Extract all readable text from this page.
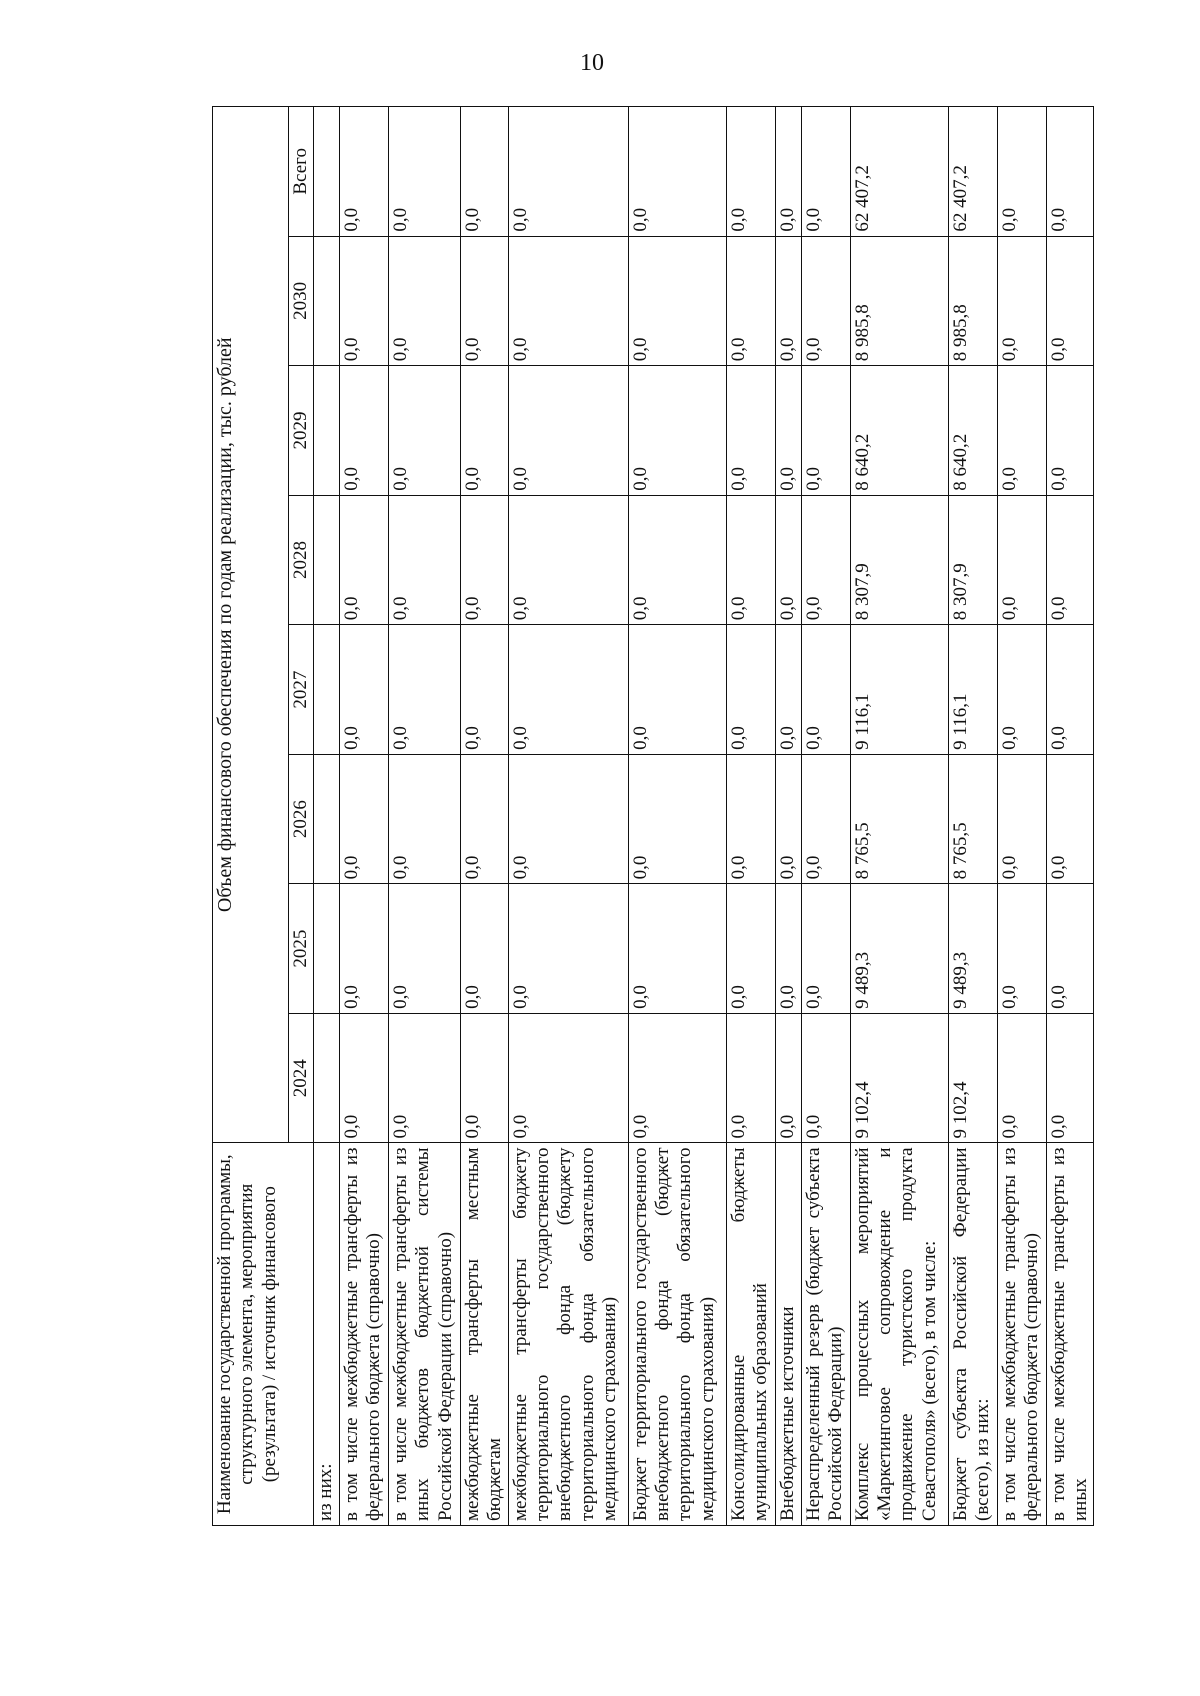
10
Наименование государственной программы, структурного элемента, мероприятия (результата) / источник финансового	Объем финансового обеспечения по годам реализации, тыс. рублей							
	2024	2025	2026	2027	2028	2029	2030	Всего
из них:								
в том числе межбюджетные трансферты из федерального бюджета (справочно)	0,0	0,0	0,0	0,0	0,0	0,0	0,0	0,0
в том числе межбюджетные трансферты из иных бюджетов бюджетной системы Российской Федерации (справочно)	0,0	0,0	0,0	0,0	0,0	0,0	0,0	0,0
межбюджетные трансферты местным бюджетам	0,0	0,0	0,0	0,0	0,0	0,0	0,0	0,0
межбюджетные трансферты бюджету территориального государственного внебюджетного фонда (бюджету территориального фонда обязательного медицинского страхования)	0,0	0,0	0,0	0,0	0,0	0,0	0,0	0,0
Бюджет территориального государственного внебюджетного фонда (бюджет территориального фонда обязательного медицинского страхования)	0,0	0,0	0,0	0,0	0,0	0,0	0,0	0,0
Консолидированные бюджеты муниципальных образований	0,0	0,0	0,0	0,0	0,0	0,0	0,0	0,0
Внебюджетные источники	0,0	0,0	0,0	0,0	0,0	0,0	0,0	0,0
Нераспределенный резерв (бюджет субъекта Российской Федерации)	0,0	0,0	0,0	0,0	0,0	0,0	0,0	0,0
Комплекс процессных мероприятий «Маркетинговое сопровождение и продвижение туристского продукта Севастополя» (всего), в том числе:	9 102,4	9 489,3	8 765,5	9 116,1	8 307,9	8 640,2	8 985,8	62 407,2
Бюджет субъекта Российской Федерации (всего), из них:	9 102,4	9 489,3	8 765,5	9 116,1	8 307,9	8 640,2	8 985,8	62 407,2
в том числе межбюджетные трансферты из федерального бюджета (справочно)	0,0	0,0	0,0	0,0	0,0	0,0	0,0	0,0
в том числе межбюджетные трансферты из иных	0,0	0,0	0,0	0,0	0,0	0,0	0,0	0,0
